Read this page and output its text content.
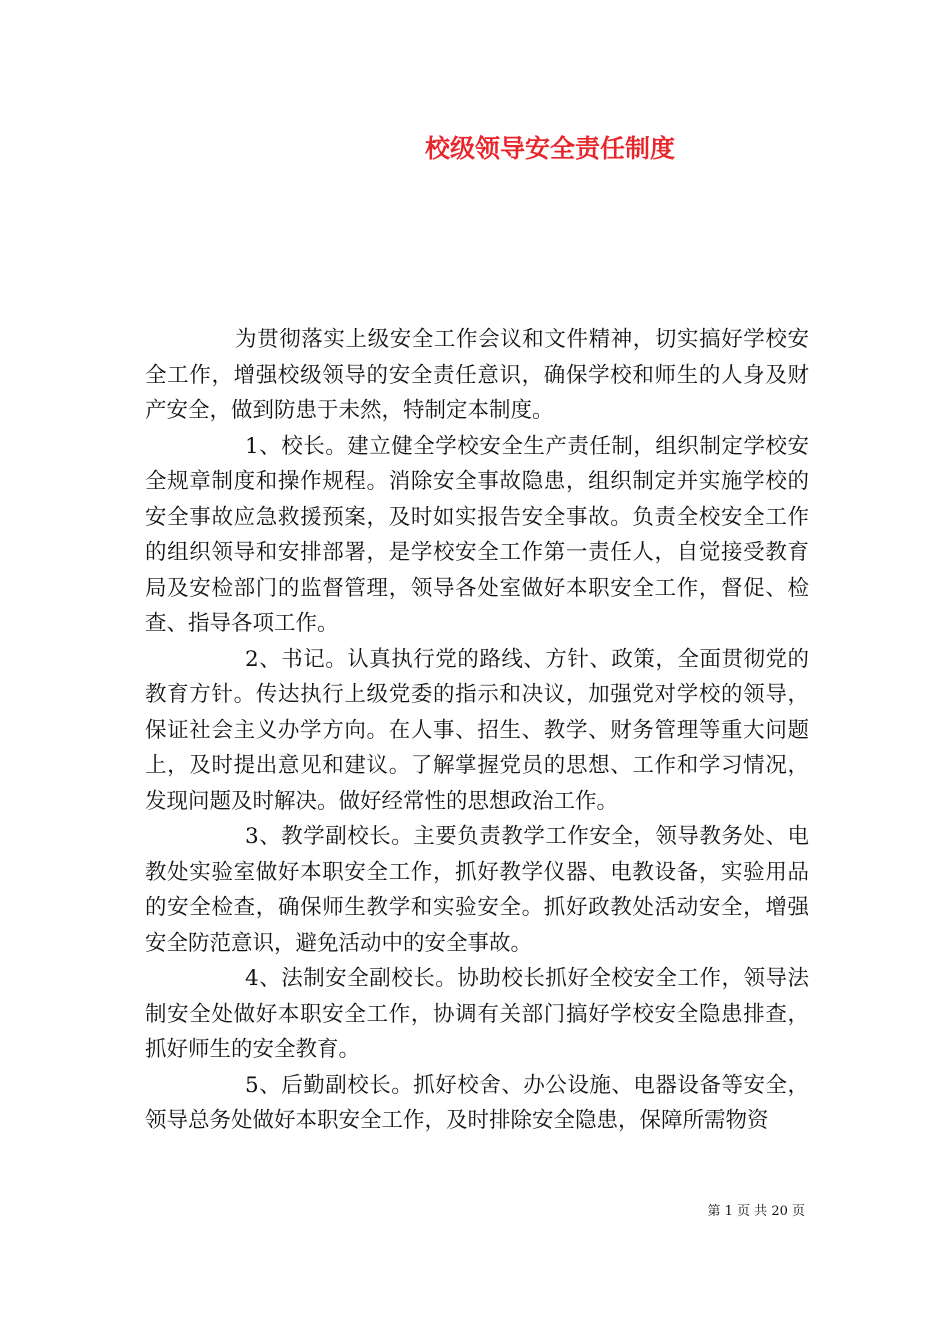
校级领导安全责任制度

为贯彻落实上级安全工作会议和文件精神，切实搞好学校安全工作，增强校级领导的安全责任意识，确保学校和师生的人身及财产安全，做到防患于未然，特制定本制度。

1、校长。建立健全学校安全生产责任制，组织制定学校安全规章制度和操作规程。消除安全事故隐患，组织制定并实施学校的安全事故应急救援预案，及时如实报告安全事故。负责全校安全工作的组织领导和安排部署，是学校安全工作第一责任人，自觉接受教育局及安检部门的监督管理，领导各处室做好本职安全工作，督促、检查、指导各项工作。

2、书记。认真执行党的路线、方针、政策，全面贯彻党的教育方针。传达执行上级党委的指示和决议，加强党对学校的领导，保证社会主义办学方向。在人事、招生、教学、财务管理等重大问题上，及时提出意见和建议。了解掌握党员的思想、工作和学习情况，发现问题及时解决。做好经常性的思想政治工作。

3、教学副校长。主要负责教学工作安全，领导教务处、电教处实验室做好本职安全工作，抓好教学仪器、电教设备，实验用品的安全检查，确保师生教学和实验安全。抓好政教处活动安全，增强安全防范意识，避免活动中的安全事故。

4、法制安全副校长。协助校长抓好全校安全工作，领导法制安全处做好本职安全工作，协调有关部门搞好学校安全隐患排查，抓好师生的安全教育。

5、后勤副校长。抓好校舍、办公设施、电器设备等安全，领导总务处做好本职安全工作，及时排除安全隐患，保障所需物资

第 1 页 共 20 页
